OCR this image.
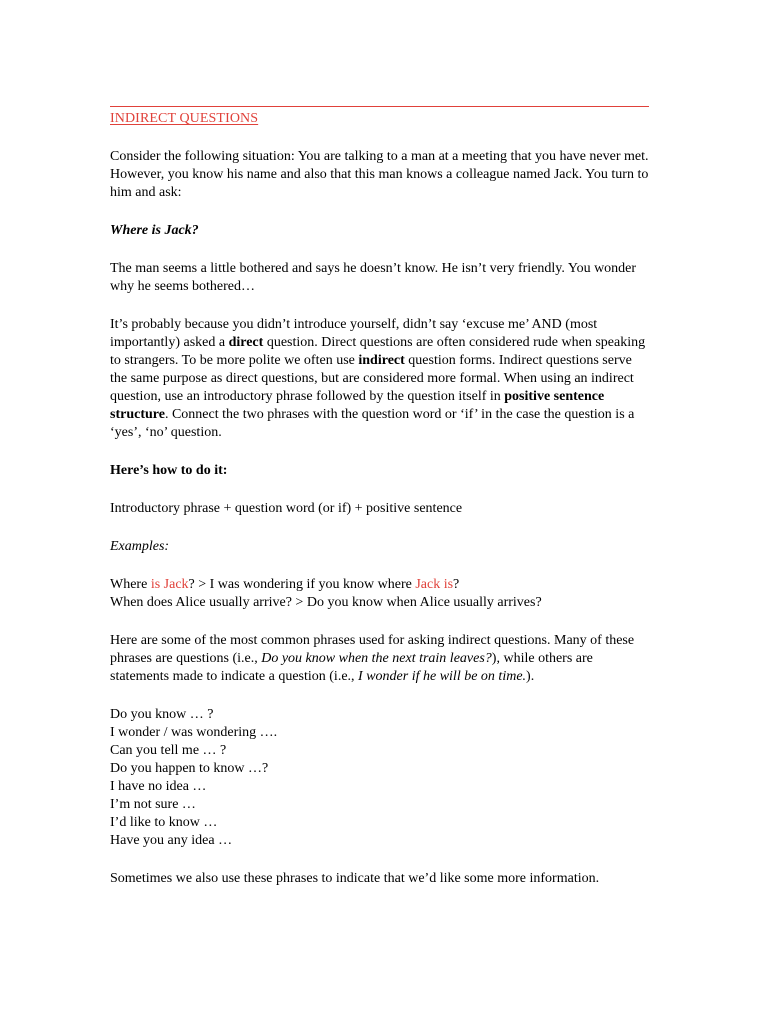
INDIRECT QUESTIONS

Consider the following situation: You are talking to a man at a meeting that you have never met. However, you know his name and also that this man knows a colleague named Jack. You turn to him and ask:

Where is Jack?

The man seems a little bothered and says he doesn’t know. He isn’t very friendly. You wonder why he seems bothered…

It’s probably because you didn’t introduce yourself, didn’t say ‘excuse me’ AND (most importantly) asked a direct question. Direct questions are often considered rude when speaking to strangers. To be more polite we often use indirect question forms. Indirect questions serve the same purpose as direct questions, but are considered more formal. When using an indirect question, use an introductory phrase followed by the question itself in positive sentence structure. Connect the two phrases with the question word or ‘if’ in the case the question is a ‘yes’, ‘no’ question.

Here’s how to do it:

Introductory phrase + question word (or if) + positive sentence

Examples:

Where is Jack? > I was wondering if you know where Jack is?

When does Alice usually arrive? > Do you know when Alice usually arrives?

Here are some of the most common phrases used for asking indirect questions. Many of these phrases are questions (i.e., Do you know when the next train leaves?), while others are statements made to indicate a question (i.e., I wonder if he will be on time.).

Do you know … ?
I wonder / was wondering ….
Can you tell me … ?
Do you happen to know …?
I have no idea …
I’m not sure …
I’d like to know …
Have you any idea …

Sometimes we also use these phrases to indicate that we’d like some more information.
